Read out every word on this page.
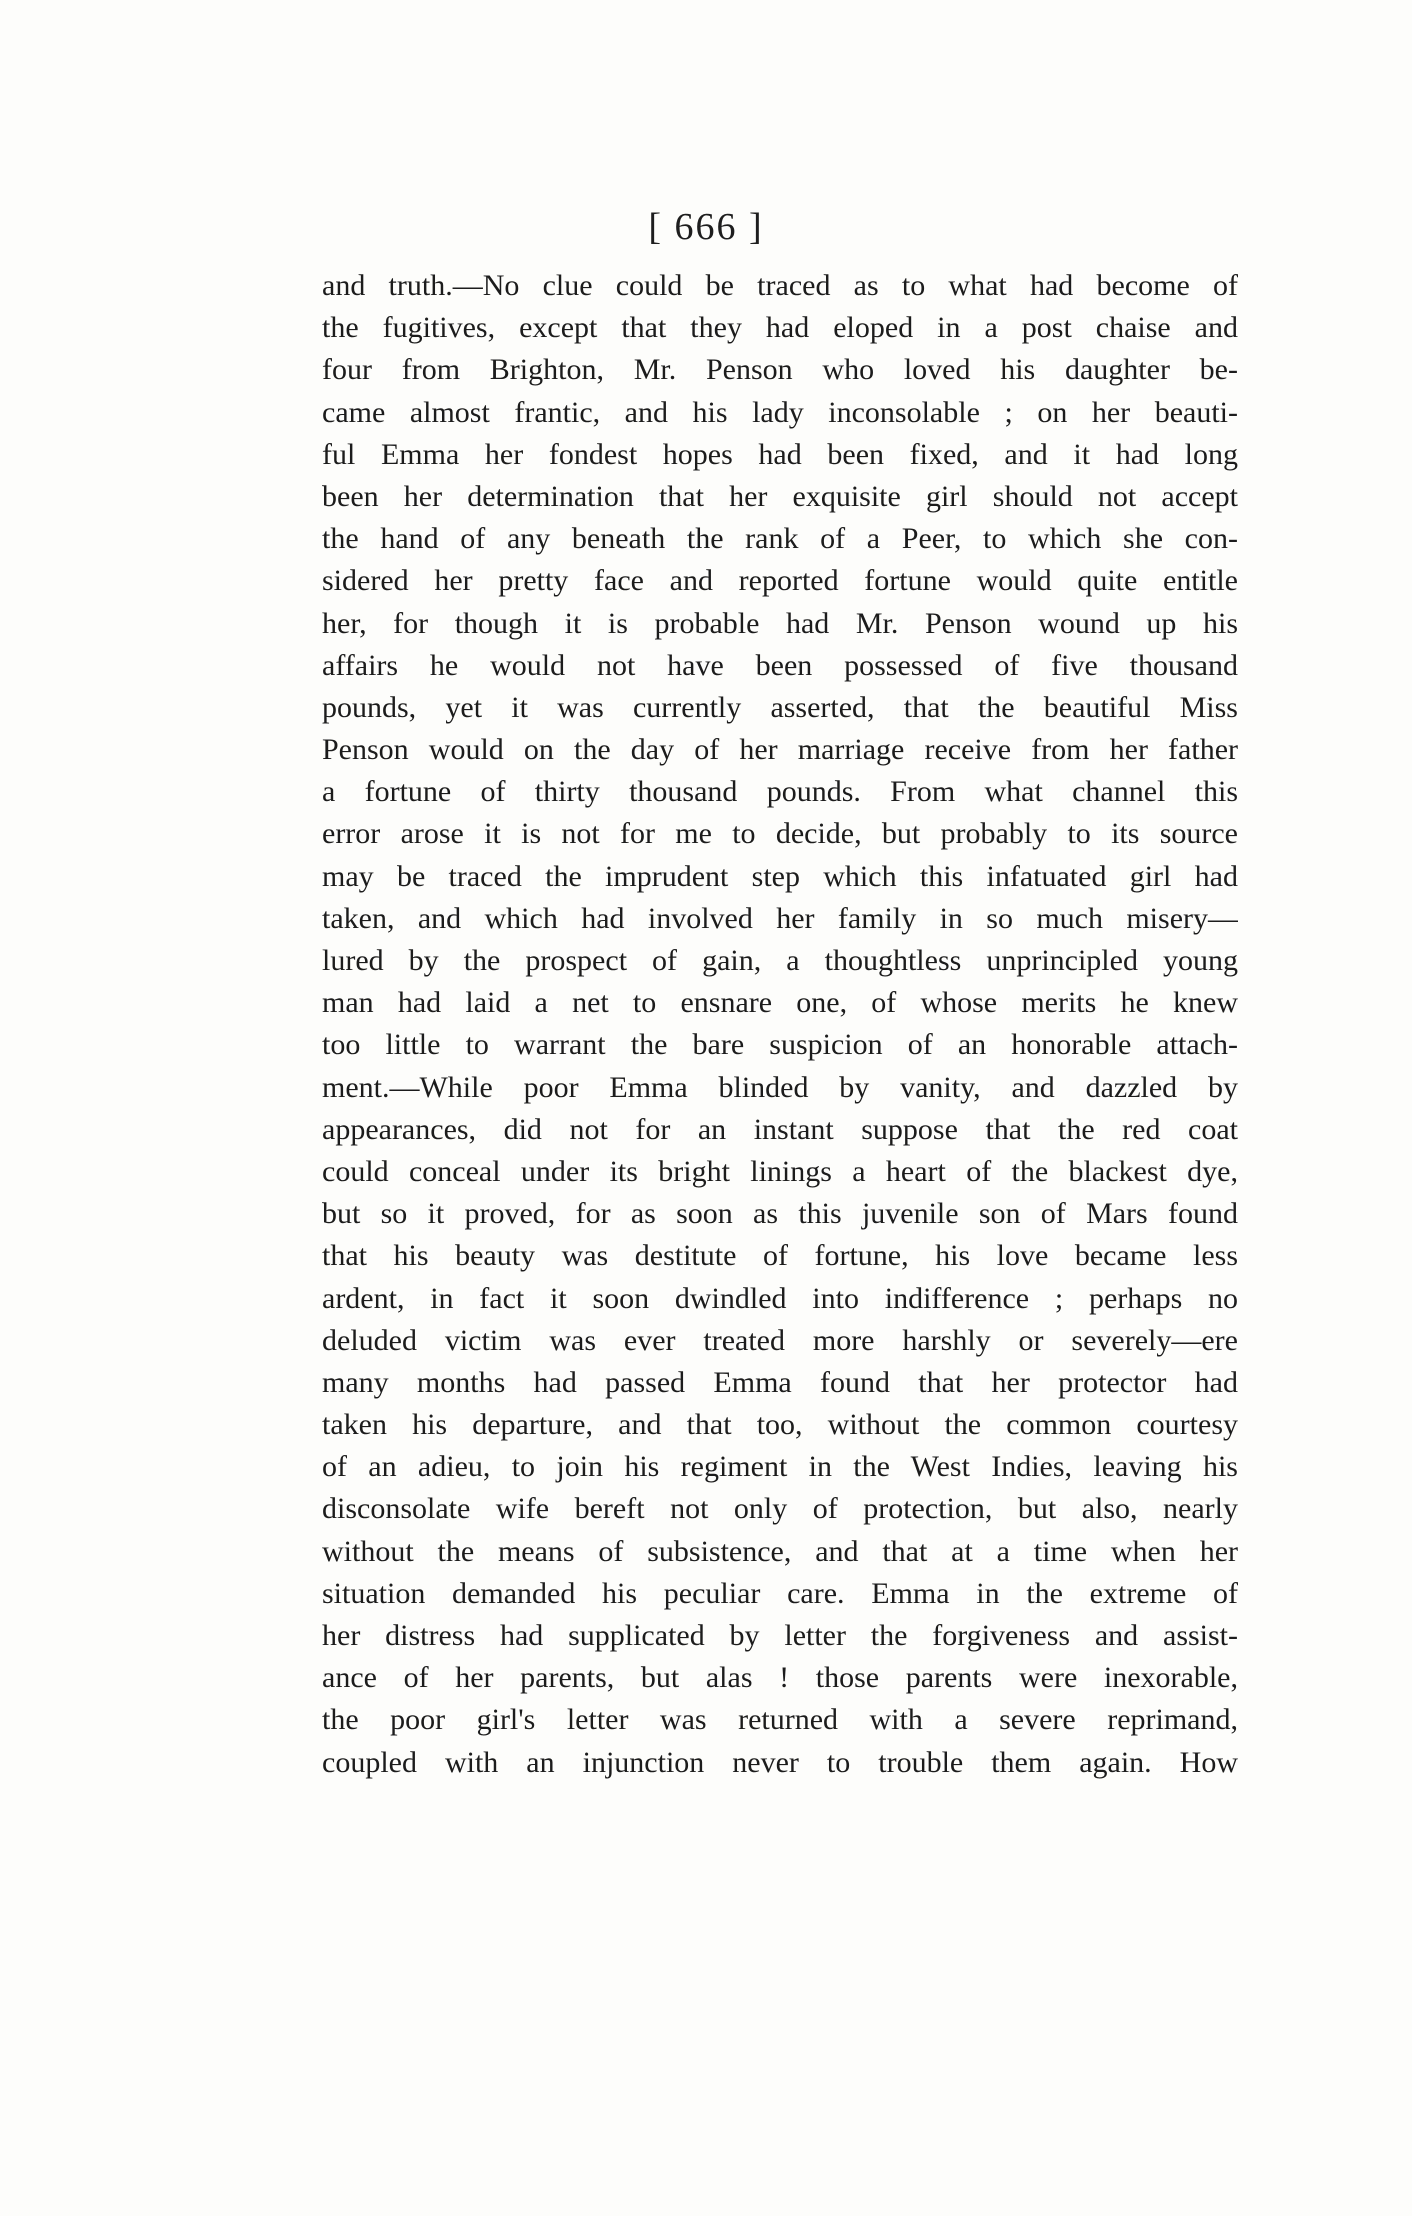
[ 666 ]
and truth.—No clue could be traced as to what had become of
the fugitives, except that they had eloped in a post chaise and
four from Brighton, Mr. Penson who loved his daughter be-
came almost frantic, and his lady inconsolable ; on her beauti-
ful Emma her fondest hopes had been fixed, and it had long
been her determination that her exquisite girl should not accept
the hand of any beneath the rank of a Peer, to which she con-
sidered her pretty face and reported fortune would quite entitle
her, for though it is probable had Mr. Penson wound up his
affairs he would not have been possessed of five thousand
pounds, yet it was currently asserted, that the beautiful Miss
Penson would on the day of her marriage receive from her father
a fortune of thirty thousand pounds. From what channel this
error arose it is not for me to decide, but probably to its source
may be traced the imprudent step which this infatuated girl had
taken, and which had involved her family in so much misery—
lured by the prospect of gain, a thoughtless unprincipled young
man had laid a net to ensnare one, of whose merits he knew
too little to warrant the bare suspicion of an honorable attach-
ment.—While poor Emma blinded by vanity, and dazzled by
appearances, did not for an instant suppose that the red coat
could conceal under its bright linings a heart of the blackest dye,
but so it proved, for as soon as this juvenile son of Mars found
that his beauty was destitute of fortune, his love became less
ardent, in fact it soon dwindled into indifference ; perhaps no
deluded victim was ever treated more harshly or severely—ere
many months had passed Emma found that her protector had
taken his departure, and that too, without the common courtesy
of an adieu, to join his regiment in the West Indies, leaving his
disconsolate wife bereft not only of protection, but also, nearly
without the means of subsistence, and that at a time when her
situation demanded his peculiar care. Emma in the extreme of
her distress had supplicated by letter the forgiveness and assist-
ance of her parents, but alas ! those parents were inexorable,
the poor girl's letter was returned with a severe reprimand,
coupled with an injunction never to trouble them again. How
